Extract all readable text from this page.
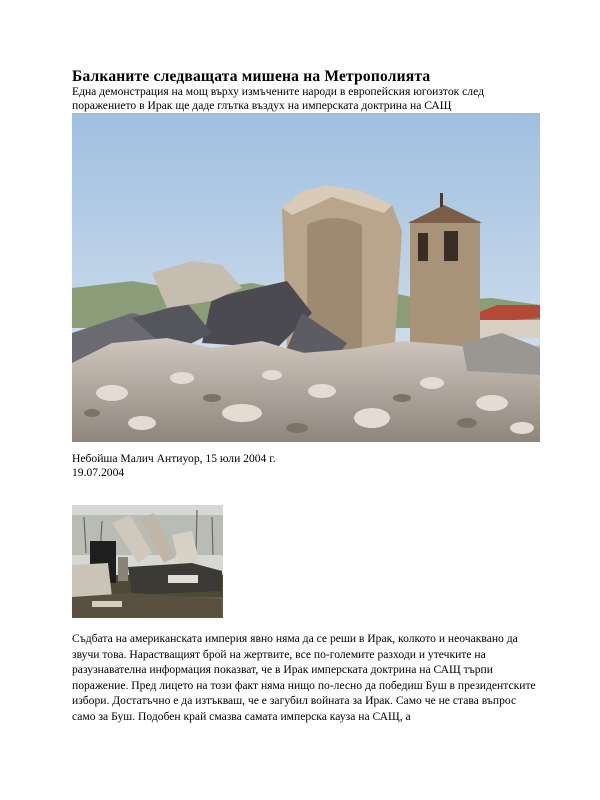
Балканите следващата мишена на Метрополията
Една демонстрация на мощ върху измъчените народи в европейския югоизток след поражението в Ирак ще даде глътка въздух на имперската доктрина на САЩ
Небойша Малич Антиуор, 15 юли 2004 г.
19.07.2004
Съдбата на американската империя явно няма да се реши в Ирак, колкото и неочаквано да звучи това. Нарастващият брой на жертвите, все по-големите разходи и утечките на разузнавателна информация показват, че в Ирак имперската доктрина на САЩ търпи поражение. Пред лицето на този факт няма нищо по-лесно да победиш Буш в президентските избори. Достатъчно е да изтъкваш, че е загубил войната за Ирак. Само че не става въпрос само за Буш. Подобен край смазва самата имперска кауза на САЩ, а
